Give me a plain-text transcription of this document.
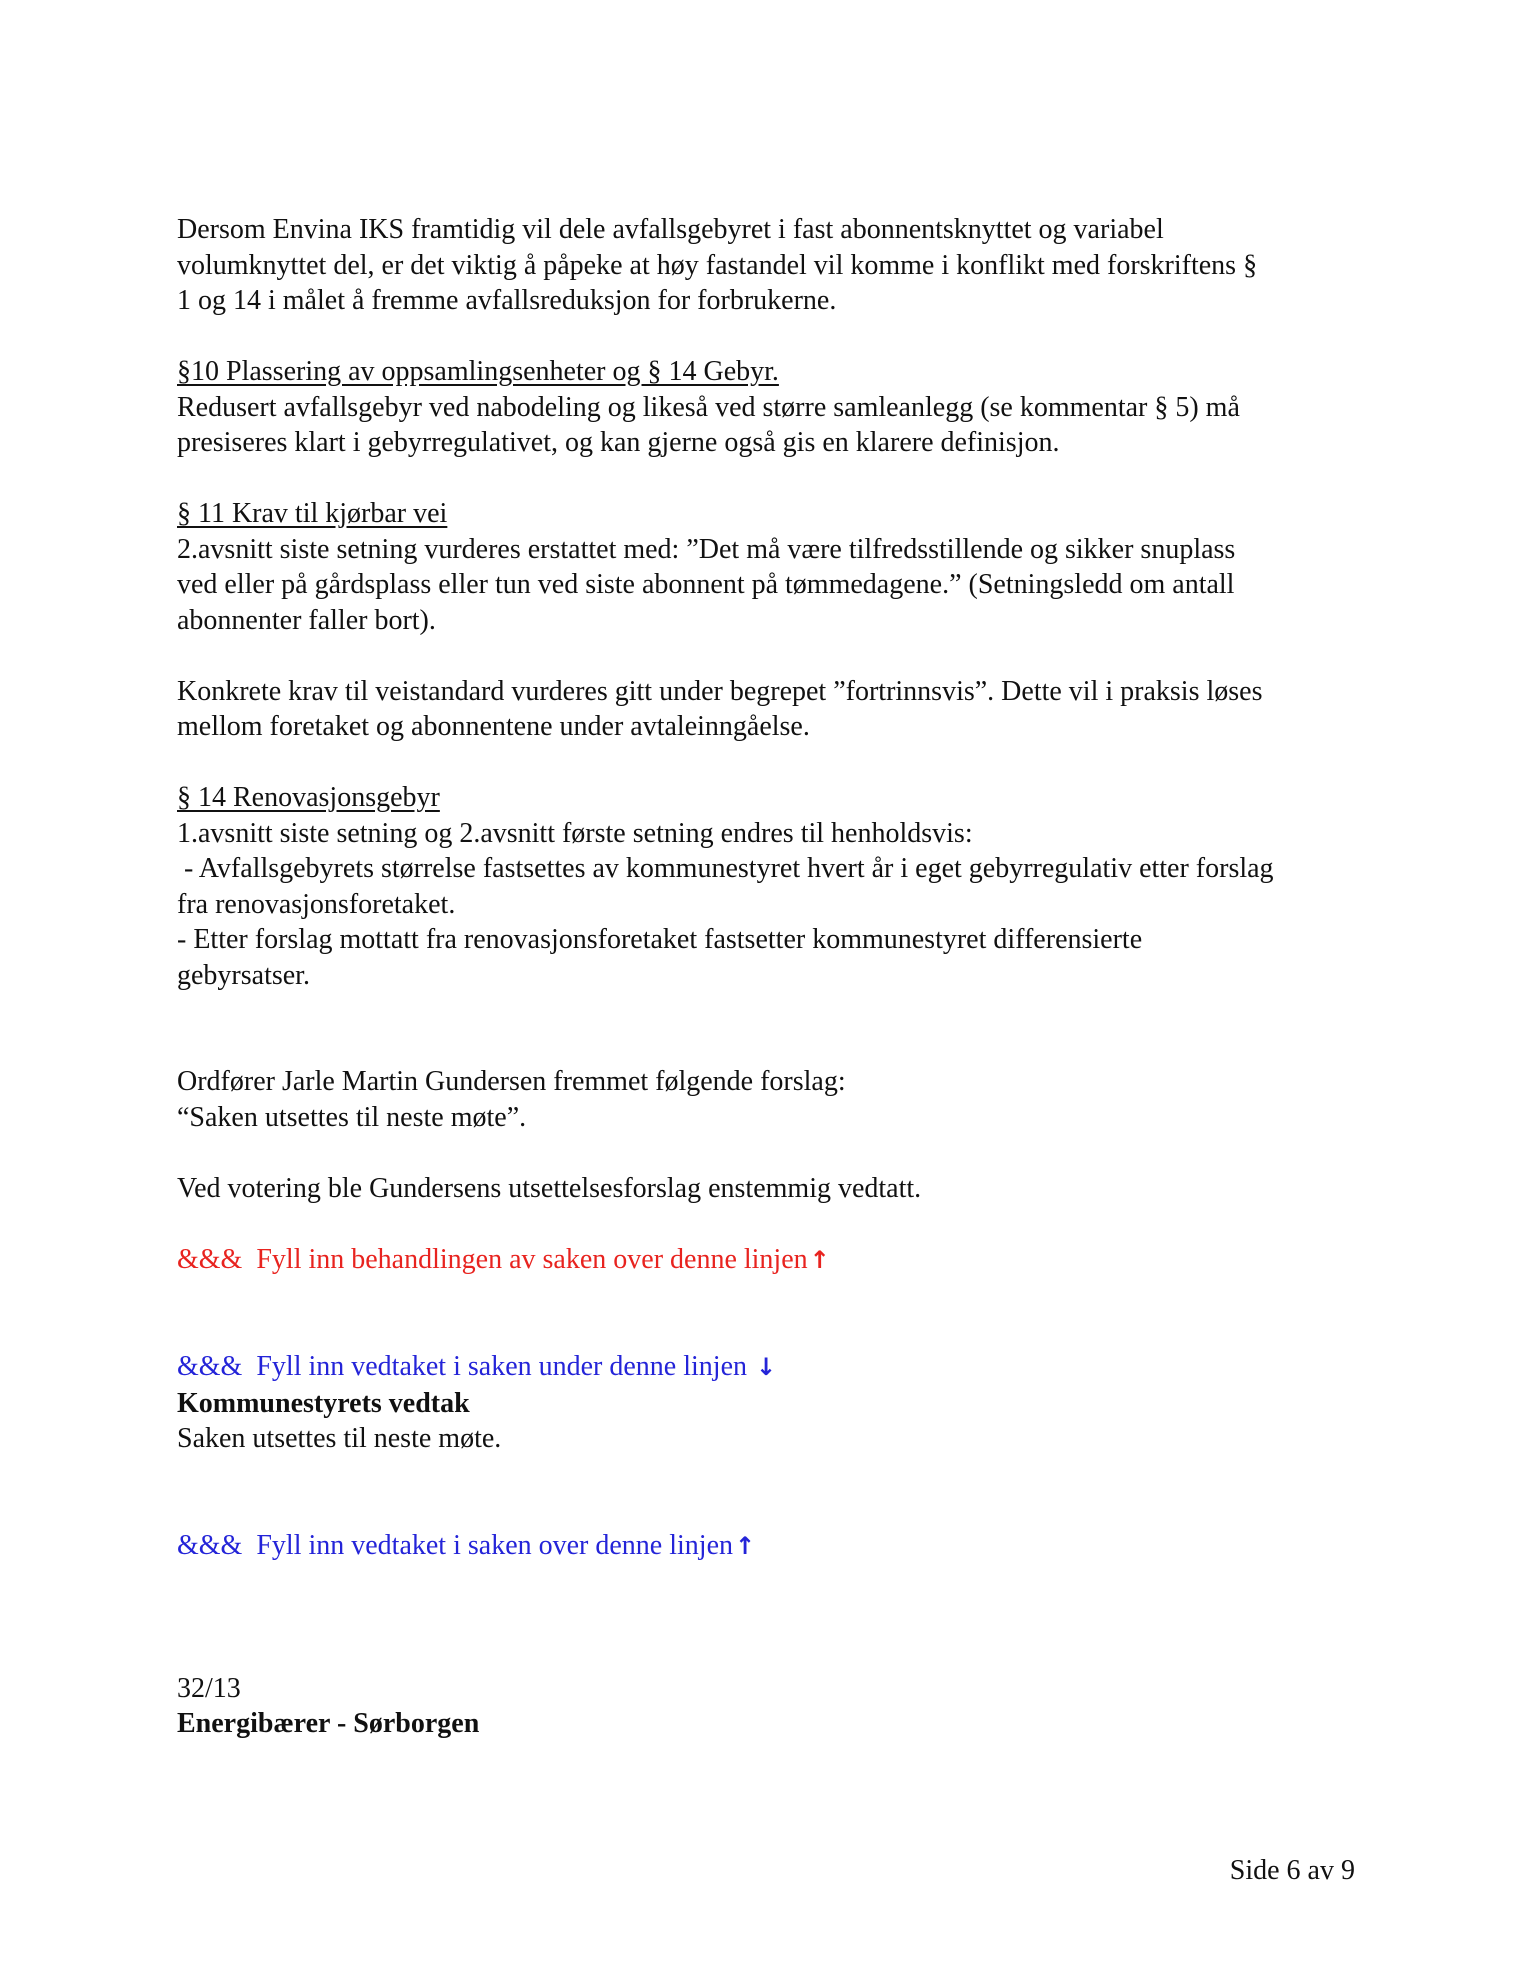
Dersom Envina IKS framtidig vil dele avfallsgebyret i fast abonnentsknyttet og variabel
volumknyttet del, er det viktig å påpeke at høy fastandel vil komme i konflikt med forskriftens §
1 og 14 i målet å fremme avfallsreduksjon for forbrukerne.
§10 Plassering av oppsamlingsenheter og § 14 Gebyr.
Redusert avfallsgebyr ved nabodeling og likeså ved større samleanlegg (se kommentar § 5) må
presiseres klart i gebyrregulativet, og kan gjerne også gis en klarere definisjon.
§ 11 Krav til kjørbar vei
2.avsnitt siste setning vurderes erstattet med: ”Det må være tilfredsstillende og sikker snuplass
ved eller på gårdsplass eller tun ved siste abonnent på tømmedagene.” (Setningsledd om antall
abonnenter faller bort).
Konkrete krav til veistandard vurderes gitt under begrepet ”fortrinnsvis”. Dette vil i praksis løses
mellom foretaket og abonnentene under avtaleinngåelse.
§ 14 Renovasjonsgebyr
1.avsnitt siste setning og 2.avsnitt første setning endres til henholdsvis:
- Avfallsgebyrets størrelse fastsettes av kommunestyret hvert år i eget gebyrregulativ etter forslag
fra renovasjonsforetaket.
- Etter forslag mottatt fra renovasjonsforetaket fastsetter kommunestyret differensierte
gebyrsatser.
Ordfører Jarle Martin Gundersen fremmet følgende forslag:
“Saken utsettes til neste møte”.
Ved votering ble Gundersens utsettelsesforslag enstemmig vedtatt.
&&&  Fyll inn behandlingen av saken over denne linjen↑
&&&  Fyll inn vedtaket i saken under denne linjen ↓
Kommunestyrets vedtak
Saken utsettes til neste møte.
&&&  Fyll inn vedtaket i saken over denne linjen↑
32/13
Energibærer - Sørborgen
Side 6 av 9
